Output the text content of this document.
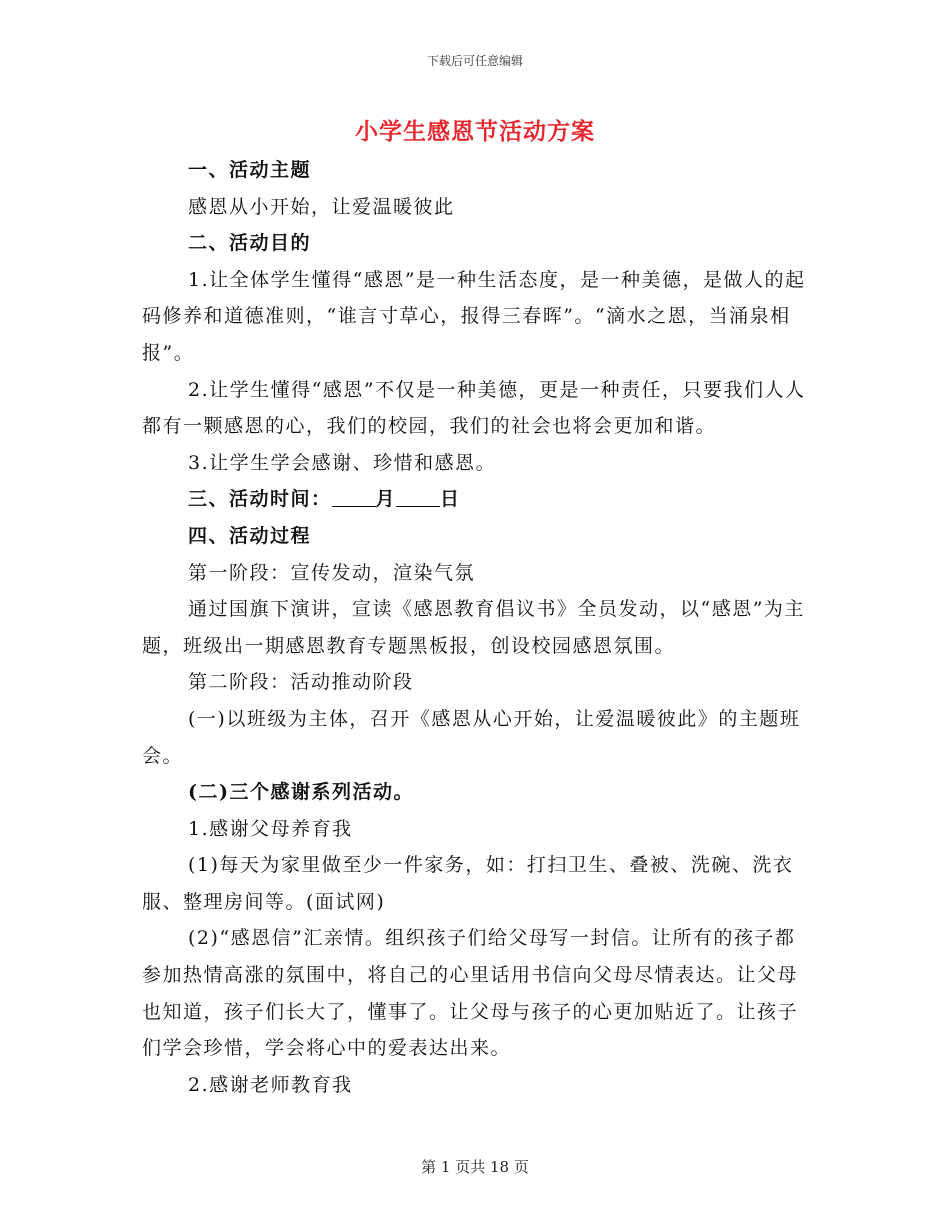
下载后可任意编辑
小学生感恩节活动方案

一、活动主题

感恩从小开始，让爱温暖彼此

二、活动目的

1.让全体学生懂得“感恩”是一种生活态度，是一种美德，是做人的起码修养和道德准则，“谁言寸草心，报得三春晖”。“滴水之恩，当涌泉相报”。

2.让学生懂得“感恩”不仅是一种美德，更是一种责任，只要我们人人都有一颗感恩的心，我们的校园，我们的社会也将会更加和谐。

3.让学生学会感谢、珍惜和感恩。

三、活动时间： 月 日

四、活动过程

第一阶段：宣传发动，渲染气氛

通过国旗下演讲，宣读《感恩教育倡议书》全员发动，以“感恩”为主题，班级出一期感恩教育专题黑板报，创设校园感恩氛围。

第二阶段：活动推动阶段

(一)以班级为主体，召开《感恩从心开始，让爱温暖彼此》的主题班会。

(二)三个感谢系列活动。

1.感谢父母养育我

(1)每天为家里做至少一件家务，如：打扫卫生、叠被、洗碗、洗衣服、整理房间等。(面试网)

(2)“感恩信”汇亲情。组织孩子们给父母写一封信。让所有的孩子都参加热情高涨的氛围中，将自己的心里话用书信向父母尽情表达。让父母也知道，孩子们长大了，懂事了。让父母与孩子的心更加贴近了。让孩子们学会珍惜，学会将心中的爱表达出来。

2.感谢老师教育我

第 1 页共 18 页
